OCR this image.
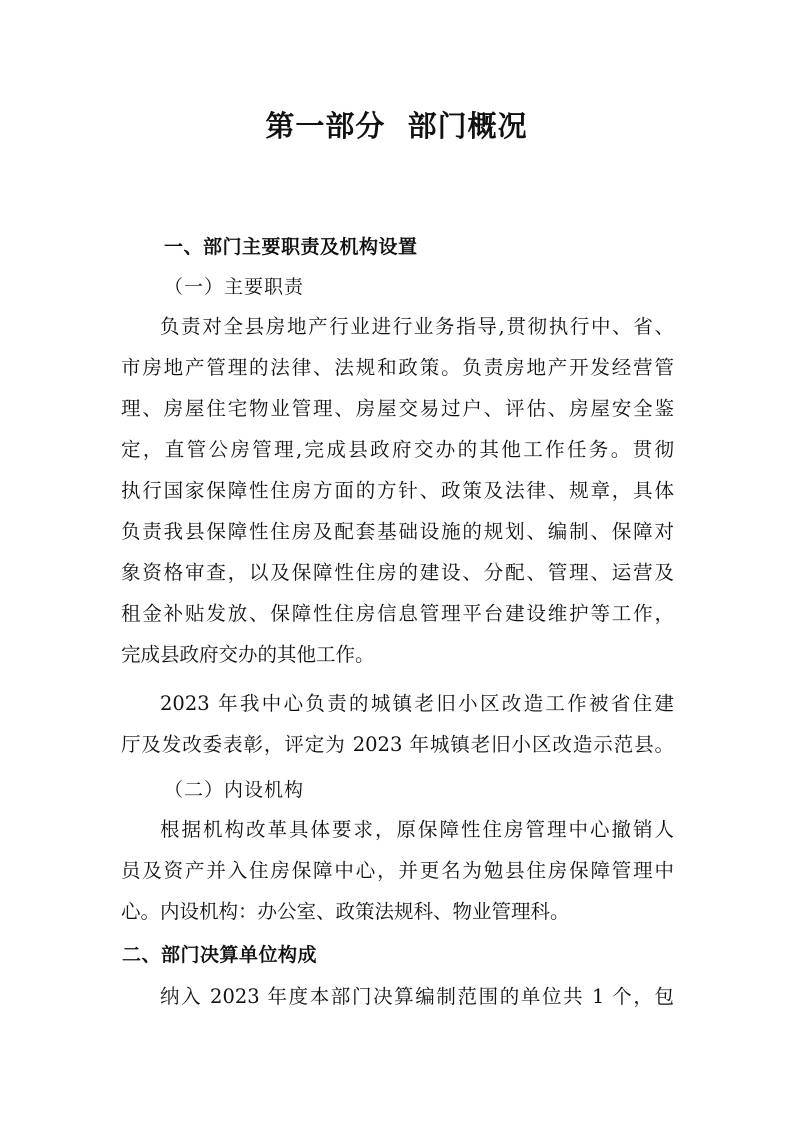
第一部分  部门概况
一、部门主要职责及机构设置
（一）主要职责
负责对全县房地产行业进行业务指导,贯彻执行中、省、
市房地产管理的法律、法规和政策。负责房地产开发经营管
理、房屋住宅物业管理、房屋交易过户、评估、房屋安全鉴
定，直管公房管理,完成县政府交办的其他工作任务。贯彻
执行国家保障性住房方面的方针、政策及法律、规章，具体
负责我县保障性住房及配套基础设施的规划、编制、保障对
象资格审查，以及保障性住房的建设、分配、管理、运营及
租金补贴发放、保障性住房信息管理平台建设维护等工作，
完成县政府交办的其他工作。
2023 年我中心负责的城镇老旧小区改造工作被省住建
厅及发改委表彰，评定为 2023 年城镇老旧小区改造示范县。
（二）内设机构
根据机构改革具体要求，原保障性住房管理中心撤销人
员及资产并入住房保障中心，并更名为勉县住房保障管理中
心。内设机构：办公室、政策法规科、物业管理科。
二、部门决算单位构成
纳入 2023 年度本部门决算编制范围的单位共 1 个，包
